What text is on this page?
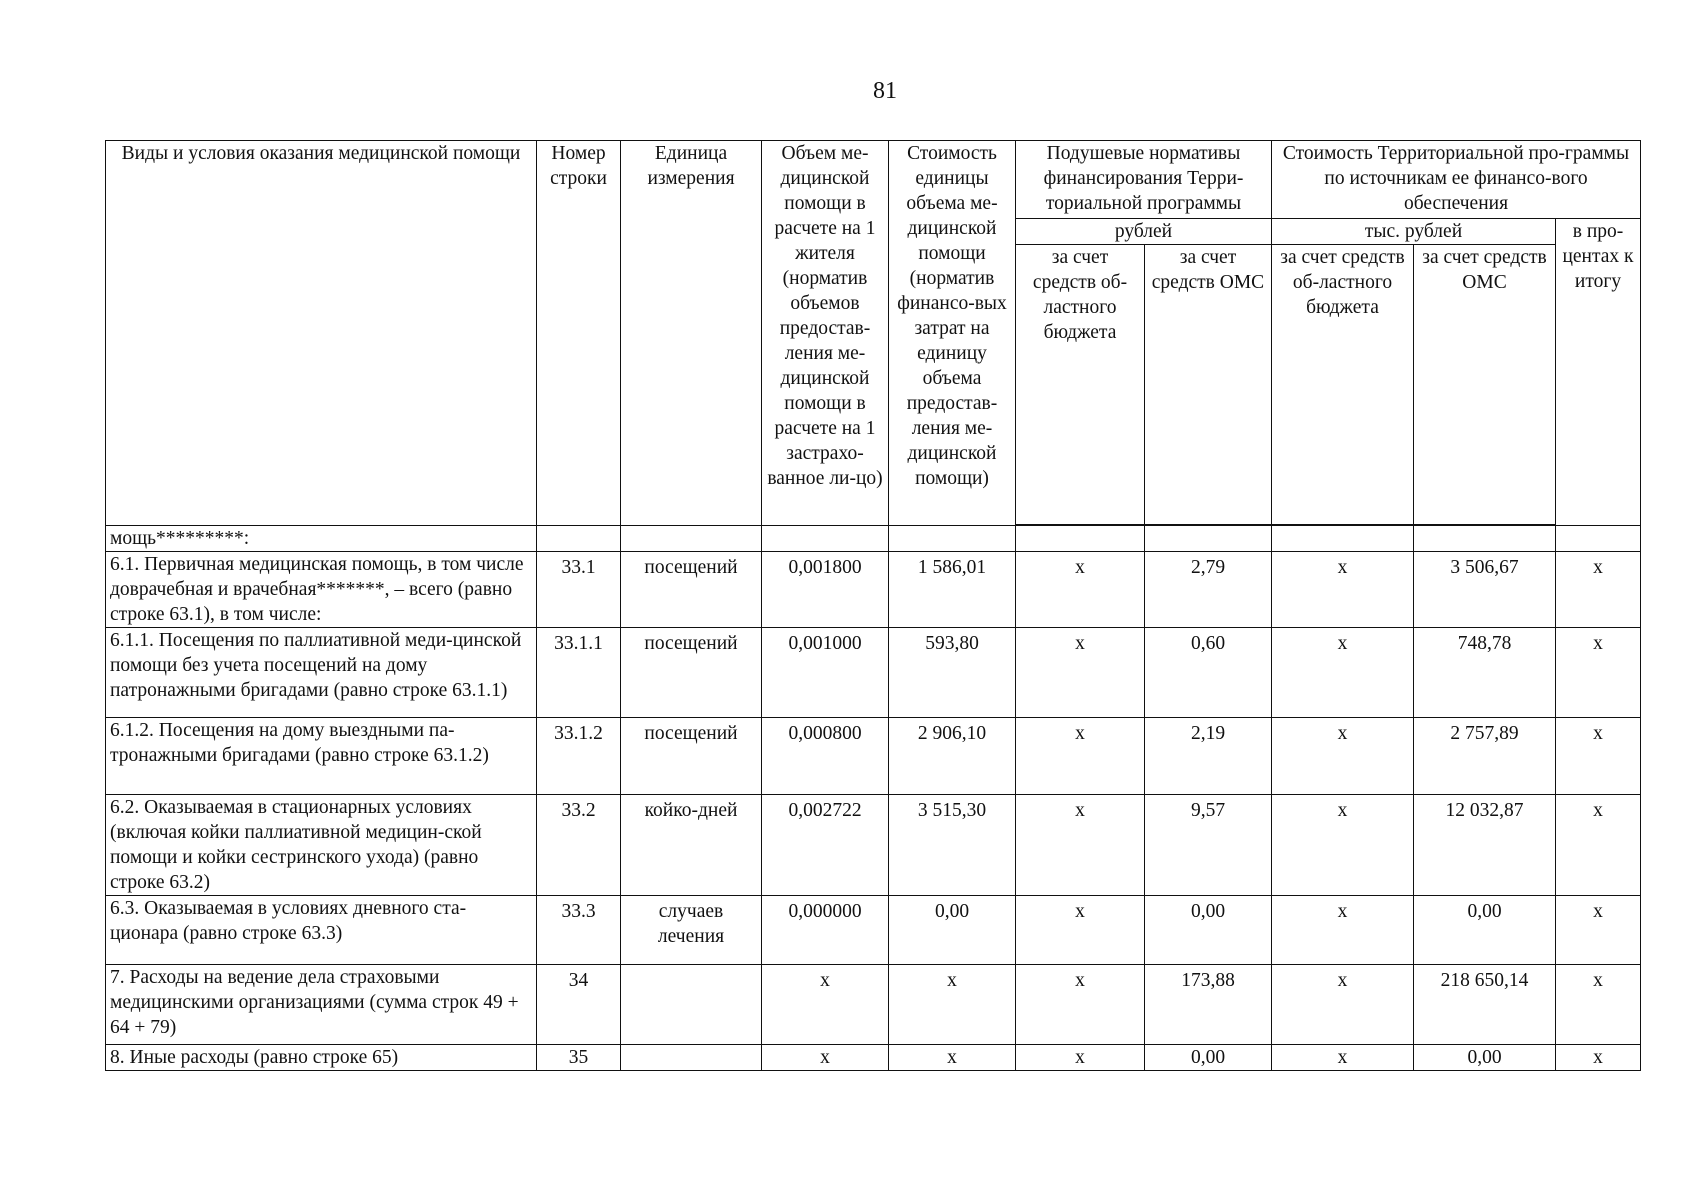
81
Виды и условия оказания медицинской помощи	Номер строки	Единица измерения	Объем ме-дицинской помощи в расчете на 1 жителя (норматив объемов предостав-ления ме-дицинской помощи в расчете на 1 застрахо-ванное ли-цо)	Стоимость единицы объема ме-дицинской помощи (норматив финансо-вых затрат на единицу объема предостав-ления ме-дицинской помощи)	Подушевые нормативы финансирования Терри-ториальной программы		Стоимость Территориальной про-граммы по источникам ее финансо-вого обеспечения		
					рублей		тыс. рублей		в про-центах к итогу
					за счет средств об-ластного бюджета	за счет средств ОМС	за счет средств об-ластного бюджета	за счет средств ОМС	

мощь*********:									
6.1. Первичная медицинская помощь, в том числе доврачебная и врачебная*******, – всего (равно строке 63.1), в том числе:	33.1	посещений	0,001800	1 586,01	х	2,79	х	3 506,67	х
6.1.1. Посещения по паллиативной меди-цинской помощи без учета посещений на дому патронажными бригадами (равно строке 63.1.1)	33.1.1	посещений	0,001000	593,80	х	0,60	х	748,78	х
6.1.2. Посещения на дому выездными па-тронажными бригадами (равно строке 63.1.2)	33.1.2	посещений	0,000800	2 906,10	х	2,19	х	2 757,89	х
6.2. Оказываемая в стационарных условиях (включая койки паллиативной медицин-ской помощи и койки сестринского ухода) (равно строке 63.2)	33.2	койко-дней	0,002722	3 515,30	х	9,57	х	12 032,87	х
6.3. Оказываемая в условиях дневного ста-ционара (равно строке 63.3)	33.3	случаев лечения	0,000000	0,00	х	0,00	х	0,00	х
7. Расходы на ведение дела страховыми медицинскими организациями (сумма строк 49 + 64 + 79)	34		х	х	х	173,88	х	218 650,14	х
8. Иные расходы (равно строке 65)	35		х	х	х	0,00	х	0,00	х
